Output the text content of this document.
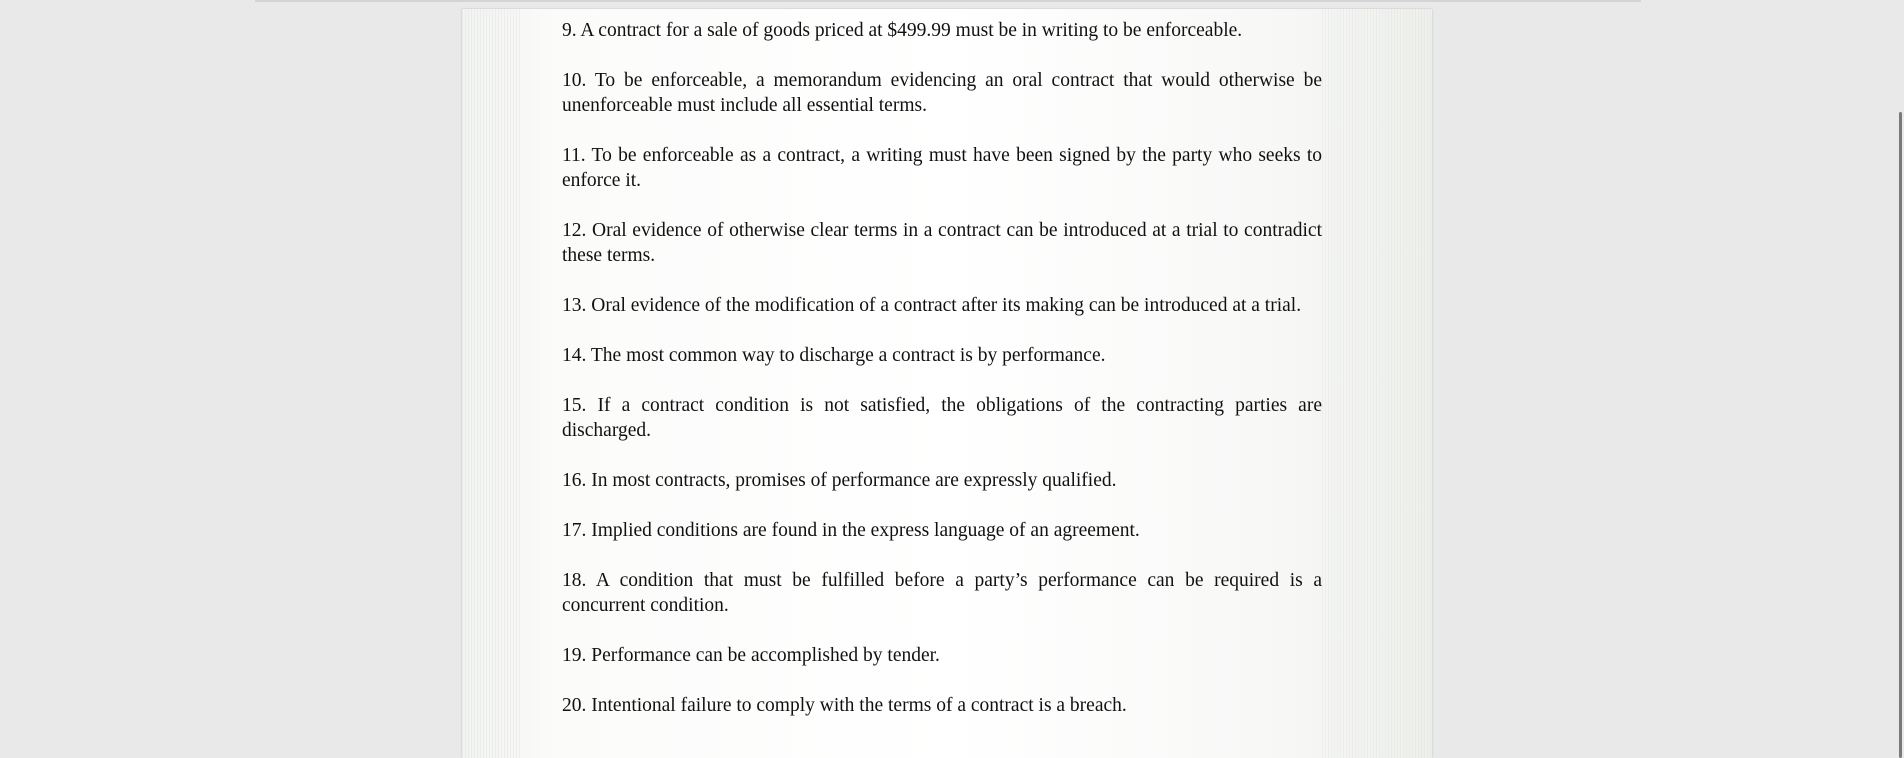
9. A contract for a sale of goods priced at $499.99 must be in writing to be enforceable.

10. To be enforceable, a memorandum evidencing an oral contract that would otherwise be unenforceable must include all essential terms.

11. To be enforceable as a contract, a writing must have been signed by the party who seeks to enforce it.

12. Oral evidence of otherwise clear terms in a contract can be introduced at a trial to contradict these terms.

13. Oral evidence of the modification of a contract after its making can be introduced at a trial.

14. The most common way to discharge a contract is by performance.

15. If a contract condition is not satisfied, the obligations of the contracting parties are discharged.

16. In most contracts, promises of performance are expressly qualified.

17. Implied conditions are found in the express language of an agreement.

18. A condition that must be fulfilled before a party’s performance can be required is a concurrent condition.

19. Performance can be accomplished by tender.

20. Intentional failure to comply with the terms of a contract is a breach.
